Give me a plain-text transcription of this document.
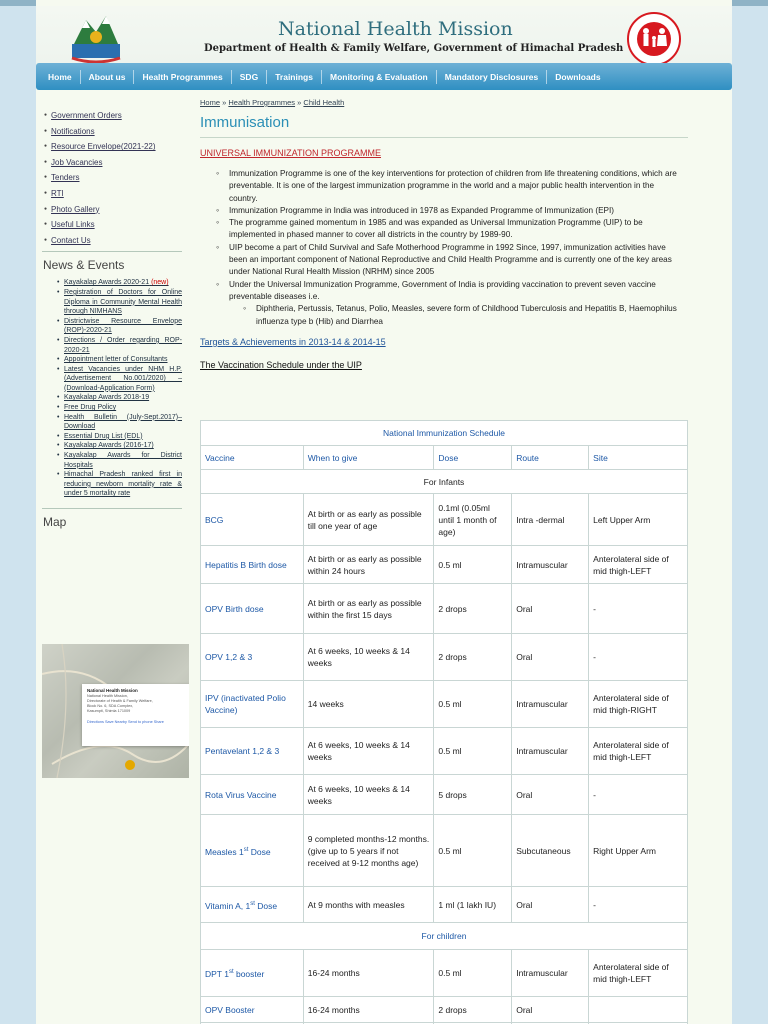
National Health Mission
Department of Health & Family Welfare, Government of Himachal Pradesh
Home	About us	Health Programmes	SDG	Trainings	Monitoring & Evaluation	Mandatory Disclosures	Downloads
● Government Orders
● Notifications
● Resource Envelope(2021-22)
● Job Vacancies
● Tenders
● RTI
● Photo Gallery
● Useful Links
● Contact Us
News & Events
• Kayakalap Awards 2020-21 (new)
• Registration of Doctors for Online Diploma in Community Mental Health through NIMHANS
• Districtwise Resource Envelope (ROP)-2020-21
• Directions / Order regarding ROP-2020-21
• Appointment letter of Consultants
• Latest Vacancies under NHM H.P. (Advertisement No.001/2020) – (Download-Application Form)
• Kayakalap Awards 2018-19
• Free Drug Policy
• Health Bulletin (July-Sept.2017)– Download
• Essential Drug List (EDL)
• Kayakalap Awards (2016-17)
• Kayakalap Awards for District Hospitals
• Himachal Pradesh ranked first in reducing newborn mortality rate & under 5 mortality rate
Map
National Health Mission
National Health Mission,
Directorate of Health & Family Welfare,
Block No. 6, SDA Complex,
Kasumpti, Shimla 171009
Directions Save Nearby Send to phone Share
Home » Health Programmes » Child Health
Immunisation
UNIVERSAL IMMUNIZATION PROGRAMME
◦ Immunization Programme is one of the key interventions for protection of children from life threatening conditions, which are preventable. It is one of the largest immunization programme in the world and a major public health intervention in the country.
◦ Immunization Programme in India was introduced in 1978 as Expanded Programme of Immunization (EPI)
◦ The programme gained momentum in 1985 and was expanded as Universal Immunization Programme (UIP) to be implemented in phased manner to cover all districts in the country by 1989-90.
◦ UIP become a part of Child Survival and Safe Motherhood Programme in 1992 Since, 1997, immunization activities have been an important component of National Reproductive and Child Health Programme and is currently one of the key areas under National Rural Health Mission (NRHM) since 2005
◦ Under the Universal Immunization Programme, Government of India is providing vaccination to prevent seven vaccine preventable diseases i.e.
◦ Diphtheria, Pertussis, Tetanus, Polio, Measles, severe form of Childhood Tuberculosis and Hepatitis B, Haemophilus influenza type b (Hib) and Diarrhea
Targets & Achievements in 2013-14 & 2014-15
The Vaccination Schedule under the UIP
National Immunization Schedule				
Vaccine	When to give	Dose	Route	Site
For Infants				
BCG	At birth or as early as possible till one year of age	0.1ml (0.05ml until 1 month of age)	Intra -dermal	Left Upper Arm
Hepatitis B Birth dose	At birth or as early as possible within 24 hours	0.5 ml	Intramuscular	Anterolateral side of mid thigh-LEFT
OPV Birth dose	At birth or as early as possible within the first 15 days	2 drops	Oral	-
OPV 1,2 & 3	At 6 weeks, 10 weeks & 14 weeks	2 drops	Oral	-
IPV (inactivated Polio Vaccine)	14 weeks	0.5 ml	Intramuscular	Anterolateral side of mid thigh-RIGHT
Pentavelant 1,2 & 3	At 6 weeks, 10 weeks & 14 weeks	0.5 ml	Intramuscular	Anterolateral side of mid thigh-LEFT
Rota Virus Vaccine	At 6 weeks, 10 weeks & 14 weeks	5 drops	Oral	-
Measles 1st Dose	9 completed months-12 months. (give up to 5 years if not received at 9-12 months age)	0.5 ml	Subcutaneous	Right Upper Arm
Vitamin A, 1st Dose	At 9 months with measles	1 ml (1 lakh IU)	Oral	-
For children				
DPT 1st booster	16-24 months	0.5 ml	Intramuscular	Anterolateral side of mid thigh-LEFT
OPV Booster	16-24 months	2 drops	Oral	
